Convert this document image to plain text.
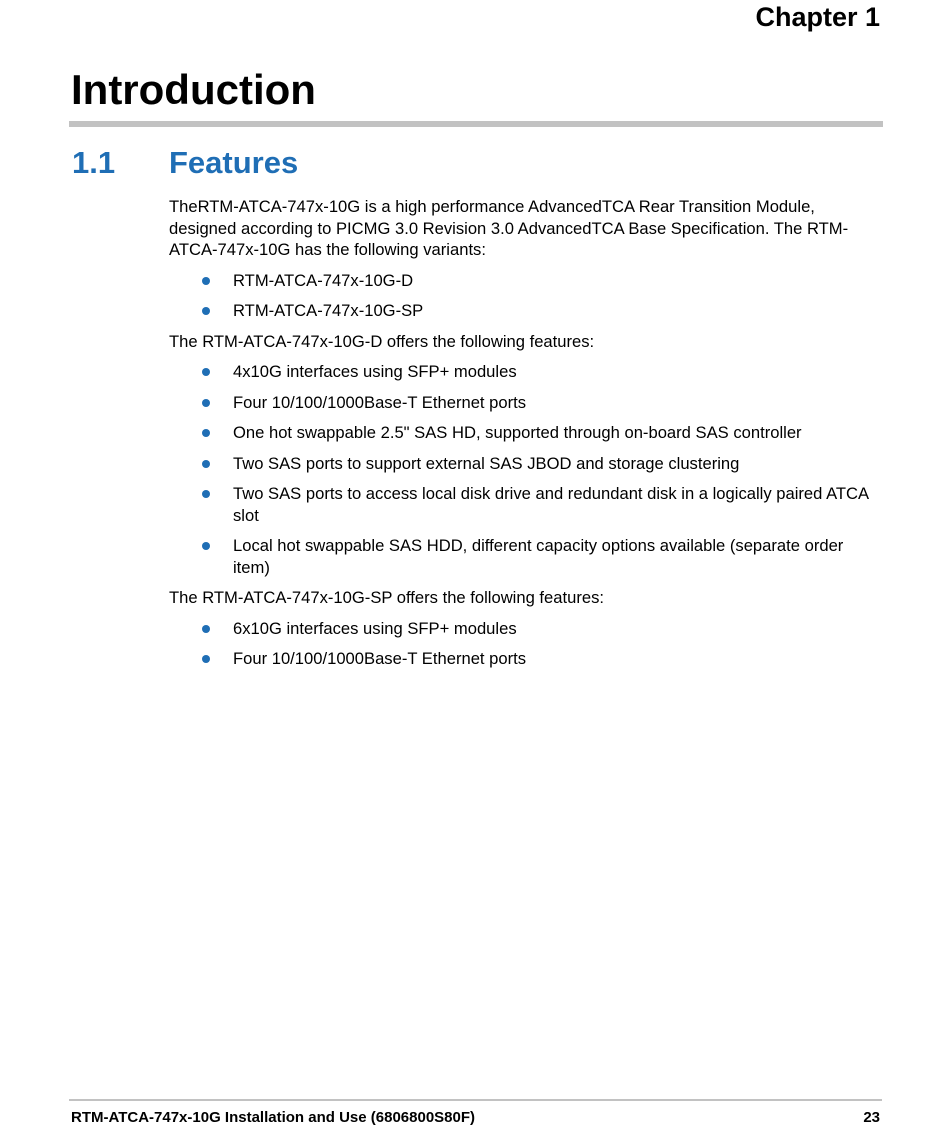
Chapter 1
Introduction
1.1 Features

TheRTM-ATCA-747x-10G is a high performance AdvancedTCA Rear Transition Module, designed according to PICMG 3.0 Revision 3.0 AdvancedTCA Base Specification. The RTM-ATCA-747x-10G has the following variants:

RTM-ATCA-747x-10G-D
RTM-ATCA-747x-10G-SP

The RTM-ATCA-747x-10G-D offers the following features:

4x10G interfaces using SFP+ modules
Four 10/100/1000Base-T Ethernet ports
One hot swappable 2.5" SAS HD, supported through on-board SAS controller
Two SAS ports to support external SAS JBOD and storage clustering
Two SAS ports to access local disk drive and redundant disk in a logically paired ATCA slot
Local hot swappable SAS HDD, different capacity options available (separate order item)

The RTM-ATCA-747x-10G-SP offers the following features:

6x10G interfaces using SFP+ modules
Four 10/100/1000Base-T Ethernet ports
RTM-ATCA-747x-10G Installation and Use (6806800S80F)	23
